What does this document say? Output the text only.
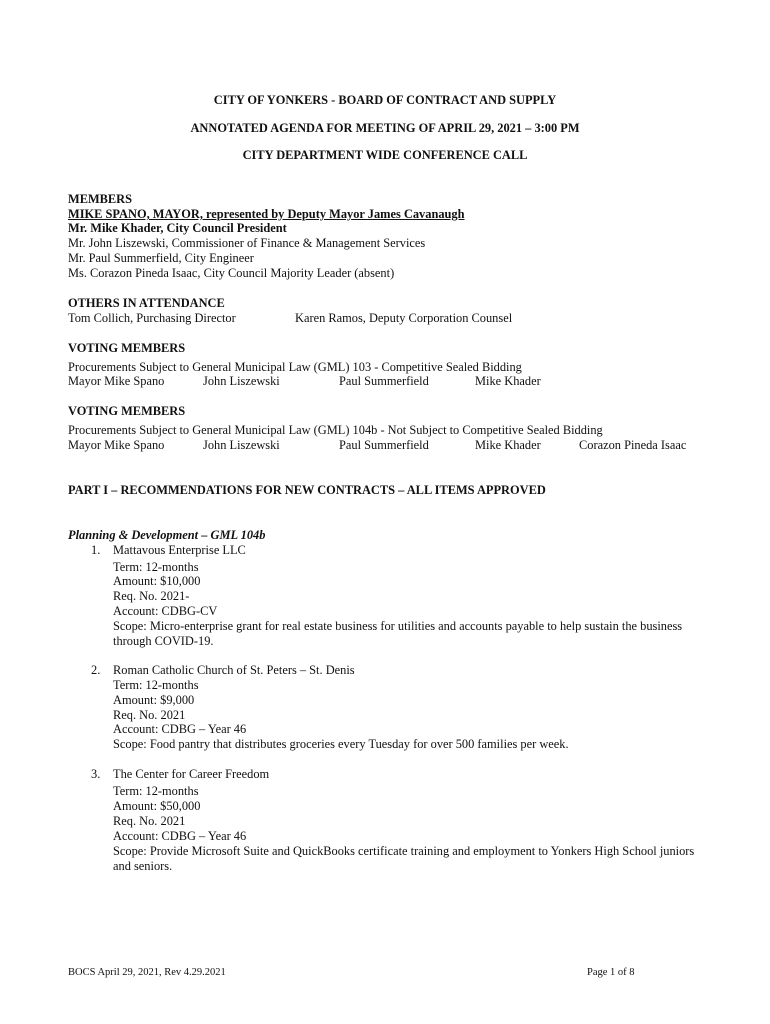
CITY OF YONKERS - BOARD OF CONTRACT AND SUPPLY
ANNOTATED AGENDA FOR MEETING OF APRIL 29, 2021 – 3:00 PM
CITY DEPARTMENT WIDE CONFERENCE CALL
MEMBERS
MIKE SPANO, MAYOR, represented by Deputy Mayor James Cavanaugh
Mr. Mike Khader, City Council President
Mr. John Liszewski, Commissioner of Finance & Management Services
Mr. Paul Summerfield, City Engineer
Ms. Corazon Pineda Isaac, City Council Majority Leader (absent)
OTHERS IN ATTENDANCE
Tom Collich, Purchasing Director	Karen Ramos, Deputy Corporation Counsel
VOTING MEMBERS
Procurements Subject to General Municipal Law (GML) 103 - Competitive Sealed Bidding
Mayor Mike Spano	John Liszewski	Paul Summerfield	Mike Khader
VOTING MEMBERS
Procurements Subject to General Municipal Law (GML) 104b - Not Subject to Competitive Sealed Bidding
Mayor Mike Spano	John Liszewski	Paul Summerfield	Mike Khader	Corazon Pineda Isaac
PART I – RECOMMENDATIONS FOR NEW CONTRACTS – ALL ITEMS APPROVED
Planning & Development – GML 104b
1. Mattavous Enterprise LLC
Term: 12-months
Amount: $10,000
Req. No. 2021-
Account: CDBG-CV
Scope: Micro-enterprise grant for real estate business for utilities and accounts payable to help sustain the business through COVID-19.
2. Roman Catholic Church of St. Peters – St. Denis
Term: 12-months
Amount: $9,000
Req. No. 2021
Account: CDBG – Year 46
Scope: Food pantry that distributes groceries every Tuesday for over 500 families per week.
3. The Center for Career Freedom
Term: 12-months
Amount: $50,000
Req. No. 2021
Account: CDBG – Year 46
Scope: Provide Microsoft Suite and QuickBooks certificate training and employment to Yonkers High School juniors and seniors.
BOCS April 29, 2021, Rev 4.29.2021	Page 1 of 8
